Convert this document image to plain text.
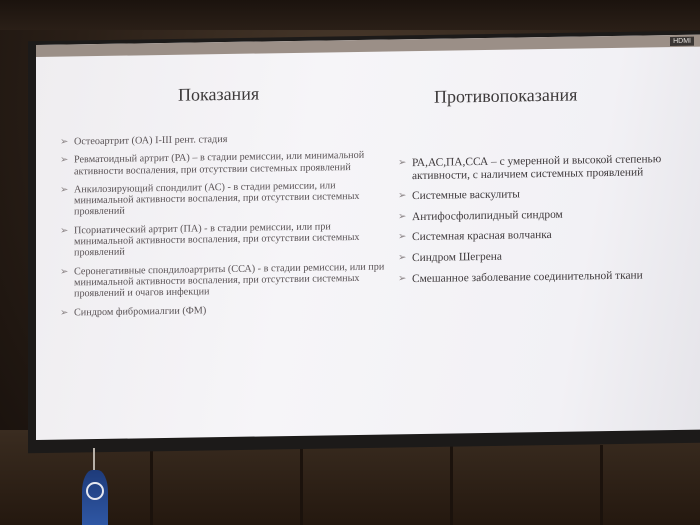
HDMI
Показания	Противопоказания
➢ Остеоартрит (ОА) I-III рент. стадия
➢ Ревматоидный артрит (РА) – в стадии ремиссии, или минимальной активности воспаления, при отсутствии системных проявлений
➢ Анкилозирующий спондилит (АС) - в стадии ремиссии, или минимальной активности воспаления, при отсутствии системных проявлений
➢ Псориатический артрит (ПА) - в стадии ремиссии, или при минимальной активности воспаления, при отсутствии системных проявлений
➢ Серонегативные спондилоартриты (ССА) - в стадии ремиссии, или при минимальной активности воспаления, при отсутствии системных проявлений и очагов инфекции
➢ Синдром фибромиалгии (ФМ)
➢ РА,АС,ПА,ССА – с умеренной и высокой степенью активности, с наличием системных проявлений
➢ Системные васкулиты
➢ Антифосфолипидный синдром
➢ Системная красная волчанка
➢ Синдром Шегрена
➢ Смешанное заболевание соединительной ткани
